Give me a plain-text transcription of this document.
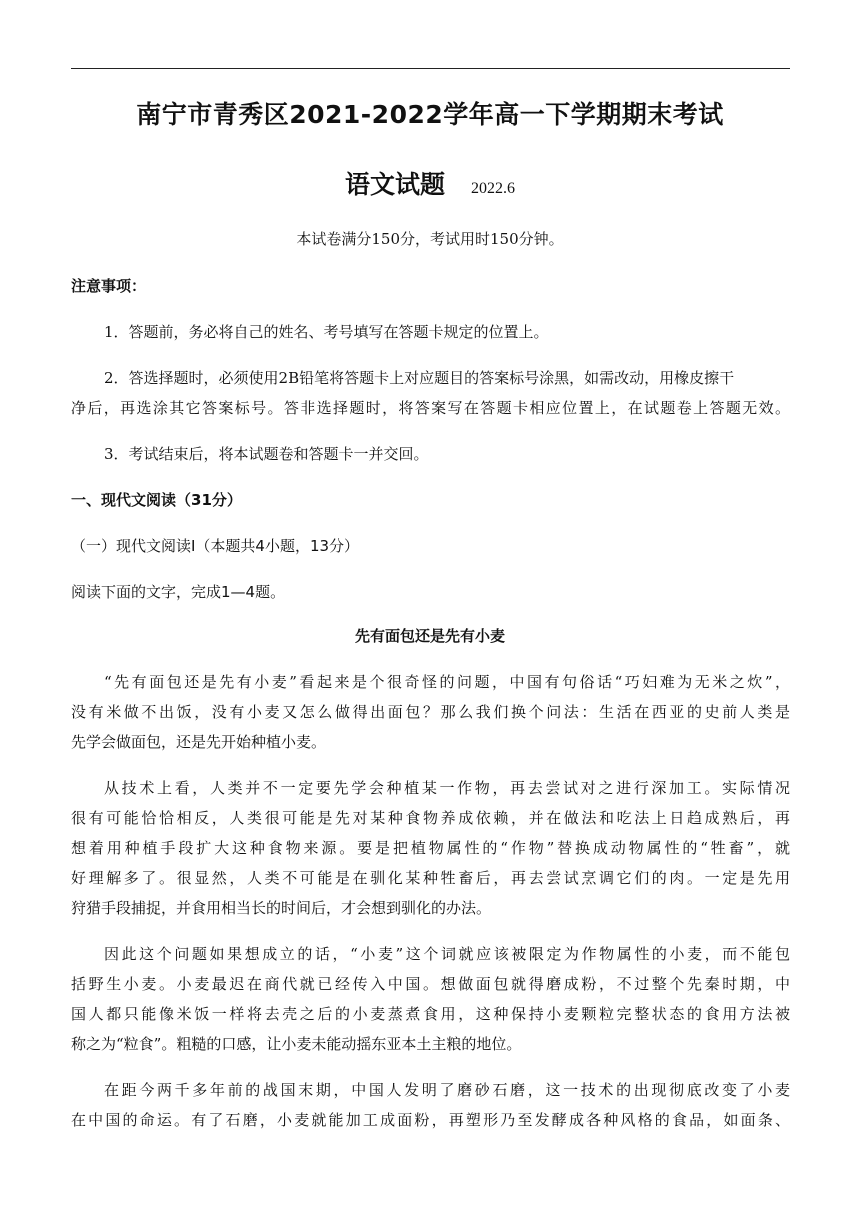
南宁市青秀区2021-2022学年高一下学期期末考试
语文试题 2022.6
本试卷满分150分，考试用时150分钟。
注意事项：
1．答题前，务必将自己的姓名、考号填写在答题卡规定的位置上。
2．答选择题时，必须使用2B铅笔将答题卡上对应题目的答案标号涂黑，如需改动，用橡皮擦干
净后，再选涂其它答案标号。答非选择题时，将答案写在答题卡相应位置上，在试题卷上答题无效。
3．考试结束后，将本试题卷和答题卡一并交回。
一、现代文阅读（31分）
（一）现代文阅读I（本题共4小题，13分）
阅读下面的文字，完成1—4题。
先有面包还是先有小麦
“先有面包还是先有小麦”看起来是个很奇怪的问题，中国有句俗话“巧妇难为无米之炊”，
没有米做不出饭，没有小麦又怎么做得出面包？那么我们换个问法：生活在西亚的史前人类是
先学会做面包，还是先开始种植小麦。
从技术上看，人类并不一定要先学会种植某一作物，再去尝试对之进行深加工。实际情况
很有可能恰恰相反，人类很可能是先对某种食物养成依赖，并在做法和吃法上日趋成熟后，再
想着用种植手段扩大这种食物来源。要是把植物属性的“作物”替换成动物属性的“牲畜”，就
好理解多了。很显然，人类不可能是在驯化某种牲畜后，再去尝试烹调它们的肉。一定是先用
狩猎手段捕捉，并食用相当长的时间后，才会想到驯化的办法。
因此这个问题如果想成立的话，“小麦”这个词就应该被限定为作物属性的小麦，而不能包
括野生小麦。小麦最迟在商代就已经传入中国。想做面包就得磨成粉，不过整个先秦时期，中
国人都只能像米饭一样将去壳之后的小麦蒸煮食用，这种保持小麦颗粒完整状态的食用方法被
称之为“粒食”。粗糙的口感，让小麦未能动摇东亚本土主粮的地位。
在距今两千多年前的战国末期，中国人发明了磨砂石磨，这一技术的出现彻底改变了小麦
在中国的命运。有了石磨，小麦就能加工成面粉，再塑形乃至发酵成各种风格的食品，如面条、
